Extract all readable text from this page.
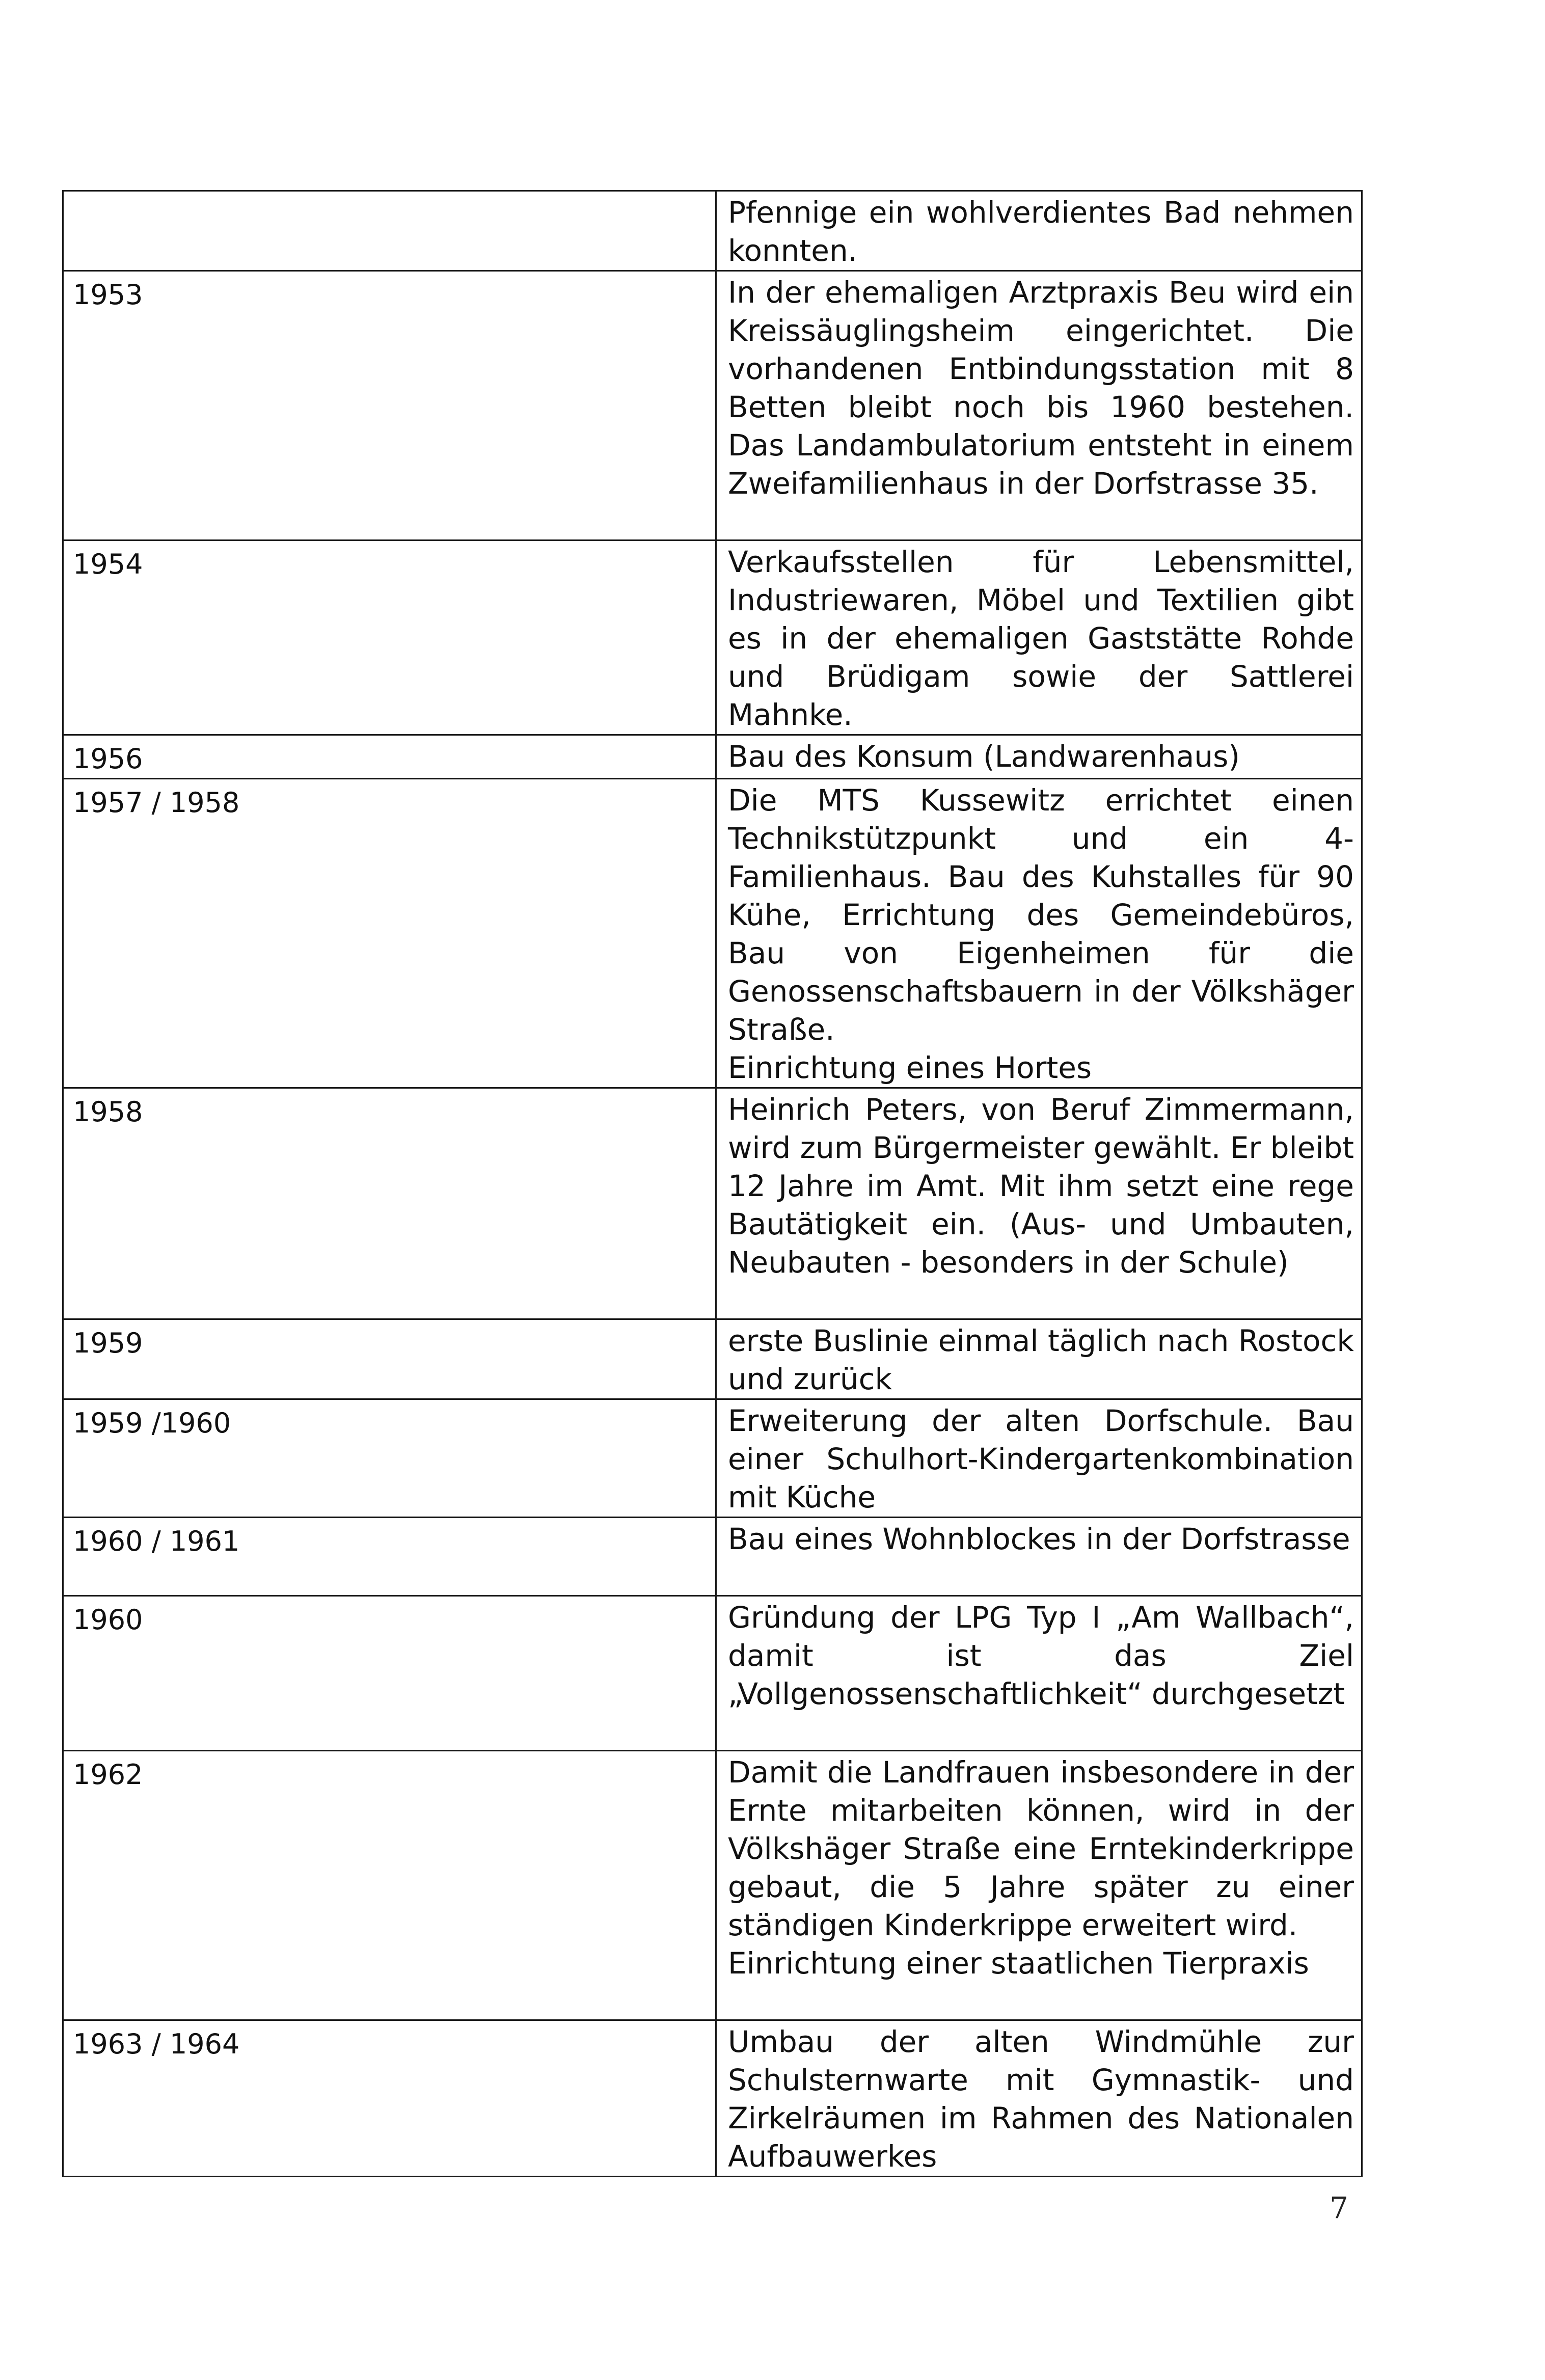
	Pfennige ein wohlverdientes Bad nehmen konnten.

1953	In der ehemaligen Arztpraxis Beu wird ein Kreissäuglingsheim eingerichtet. Die vorhandenen Entbindungsstation mit 8 Betten bleibt noch bis 1960 bestehen. Das Landambulatorium entsteht in einem Zweifamilienhaus in der Dorfstrasse 35.

1954	Verkaufsstellen für Lebensmittel, Industriewaren, Möbel und Textilien gibt es in der ehemaligen Gaststätte Rohde und Brüdigam sowie der Sattlerei Mahnke.

1956	Bau des Konsum (Landwarenhaus)

1957 / 1958	Die MTS Kussewitz errichtet einen Technikstützpunkt und ein 4-Familienhaus. Bau des Kuhstalles für 90 Kühe, Errichtung des Gemeindebüros, Bau von Eigenheimen für die Genossenschaftsbauern in der Völkshäger Straße.
Einrichtung eines Hortes

1958	Heinrich Peters, von Beruf Zimmermann, wird zum Bürgermeister gewählt. Er bleibt 12 Jahre im Amt. Mit ihm setzt eine rege Bautätigkeit ein. (Aus- und Umbauten, Neubauten - besonders in der Schule)

1959	erste Buslinie einmal täglich nach Rostock und zurück

1959 /1960	Erweiterung der alten Dorfschule. Bau einer Schulhort-Kindergartenkombination mit Küche

1960 / 1961	Bau eines Wohnblockes in der Dorfstrasse

1960	Gründung der LPG Typ I „Am Wallbach“, damit ist das Ziel „Vollgenossenschaftlichkeit“ durchgesetzt

1962	Damit die Landfrauen insbesondere in der Ernte mitarbeiten können, wird in der Völkshäger Straße eine Erntekinderkrippe gebaut, die 5 Jahre später zu einer ständigen Kinderkrippe erweitert wird.
Einrichtung einer staatlichen Tierpraxis

1963 / 1964	Umbau der alten Windmühle zur Schulsternwarte mit Gymnastik- und Zirkelräumen im Rahmen des Nationalen Aufbauwerkes
7
